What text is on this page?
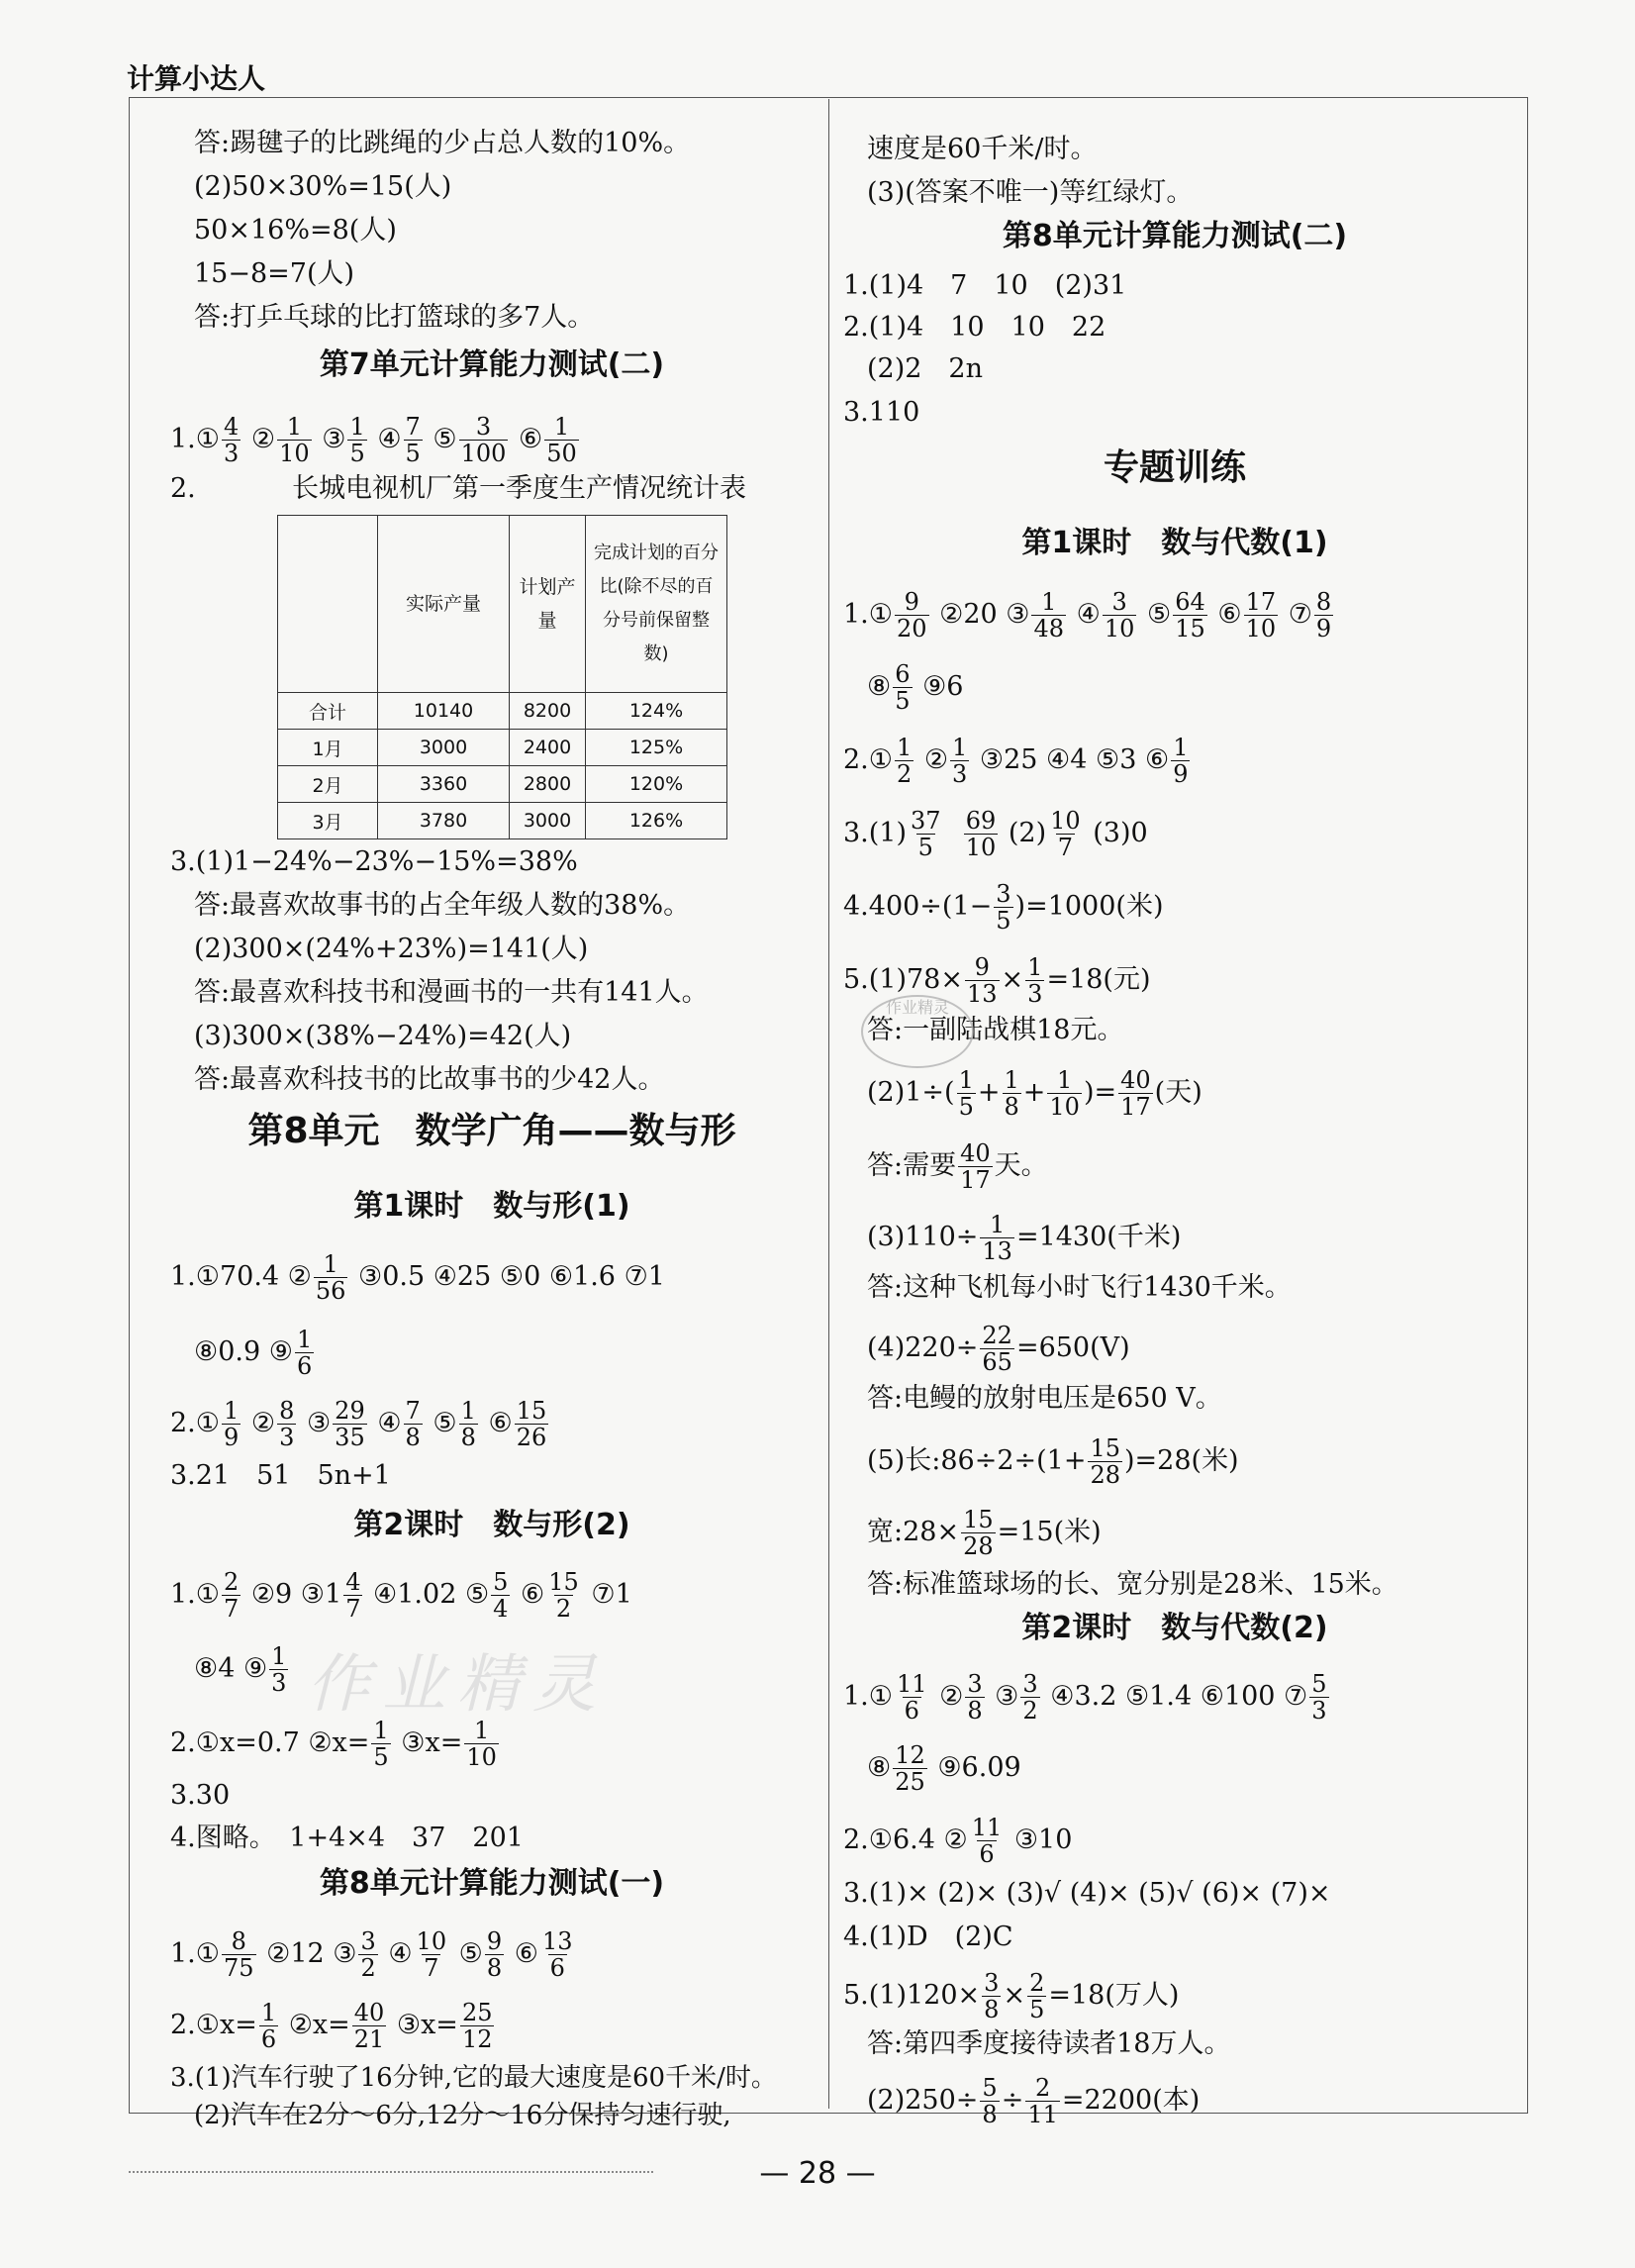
计算小达人
答:踢毽子的比跳绳的少占总人数的10%。
(2)50×30%=15(人)
50×16%=8(人)
15−8=7(人)
答:打乒乓球的比打篮球的多7人。
第7单元计算能力测试(二)
1.① $\frac{4}{3}$ ② $\frac{1}{10}$ ③ $\frac{1}{5}$ ④ $\frac{7}{5}$ ⑤ $\frac{3}{100}$ ⑥ $\frac{1}{50}$
2.	长城电视机厂第一季度生产情况统计表
	实际产量	计划产量	完成计划的百分比(除不尽的百分号前保留整数)
合计	10140	8200	124%
1月	3000	2400	125%
2月	3360	2800	120%
3月	3780	3000	126%
3.(1)1−24%−23%−15%=38%
答:最喜欢故事书的占全年级人数的38%。
(2)300×(24%+23%)=141(人)
答:最喜欢科技书和漫画书的一共有141人。
(3)300×(38%−24%)=42(人)
答:最喜欢科技书的比故事书的少42人。
第8单元　数学广角——数与形
第1课时　数与形(1)
1.①70.4 ② $\frac{1}{56}$ ③0.5 ④25 ⑤0 ⑥1.6 ⑦1
⑧0.9 ⑨ $\frac{1}{6}$
2.① $\frac{1}{9}$ ② $\frac{8}{3}$ ③ $\frac{29}{35}$ ④ $\frac{7}{8}$ ⑤ $\frac{1}{8}$ ⑥ $\frac{15}{26}$
3.21　51　5n+1
第2课时　数与形(2)
1.① $\frac{2}{7}$ ②9 ③1 $\frac{4}{7}$ ④1.02 ⑤ $\frac{5}{4}$ ⑥ $\frac{15}{2}$ ⑦1
⑧4 ⑨ $\frac{1}{3}$
2.①x=0.7 ②x= $\frac{1}{5}$ ③x= $\frac{1}{10}$
3.30
4.图略。　1+4×4　37　201
第8单元计算能力测试(一)
1.① $\frac{8}{75}$ ②12 ③ $\frac{3}{2}$ ④ $\frac{10}{7}$ ⑤ $\frac{9}{8}$ ⑥ $\frac{13}{6}$
2.①x= $\frac{1}{6}$ ②x= $\frac{40}{21}$ ③x= $\frac{25}{12}$
3.(1)汽车行驶了16分钟,它的最大速度是60千米/时。
(2)汽车在2分～6分,12分～16分保持匀速行驶,
速度是60千米/时。
(3)(答案不唯一)等红绿灯。
第8单元计算能力测试(二)
1.(1)4　7　10　(2)31
2.(1)4　10　10　22
(2)2　2n
3.110
专题训练
第1课时　数与代数(1)
1.① $\frac{9}{20}$ ②20 ③ $\frac{1}{48}$ ④ $\frac{3}{10}$ ⑤ $\frac{64}{15}$ ⑥ $\frac{17}{10}$ ⑦ $\frac{8}{9}$
⑧ $\frac{6}{5}$ ⑨6
2.① $\frac{1}{2}$ ② $\frac{1}{3}$ ③25 ④4 ⑤3 ⑥ $\frac{1}{9}$
$3.(1) \frac{37}{5}$
$\frac{69}{10} (2) \frac{10}{7} (3)0$
$4.400\div(1- \frac{3}{5} )=1000$(米)
$5.(1)78\times \frac{9}{13} \times \frac{1}{3} =18$(元)
答:一副陆战棋18元。
$(2)1\div( \frac{1}{5} + \frac{1}{8} + \frac{1}{10}$ )= $\frac{40}{17}$ (天)
答:需要 $\frac{40}{17}$ 天。
$(3)110\div \frac{1}{13} =1430$(千米)
答:这种飞机每小时飞行1430千米。
$(4)220\div \frac{22}{65} =650(V)$
答:电鳗的放射电压是650 V。
(5)长:86÷2÷(1+ $\frac{15}{28} )=28$(米)
宽:28× $\frac{15}{28} =15$(米)
答:标准篮球场的长、宽分别是28米、15米。
第2课时　数与代数(2)
1.① $\frac{11}{6}$ ② $\frac{3}{8}$ ③ $\frac{3}{2}$ ④3.2 ⑤1.4 ⑥100 ⑦ $\frac{5}{3}$
⑧ $\frac{12}{25}$ ⑨6.09
2.①6.4 ② $\frac{11}{6}$ ③10
3.(1)× (2)× (3)√ (4)× (5)√ (6)× (7)×
4.(1)D　(2)C
$5.(1)120\times \frac{3}{8} \times \frac{2}{5} =18$(万人)
答:第四季度接待读者18万人。
$(2)250\div \frac{5}{8} \div \frac{2}{11} =2200$(本)
作业精灵
作业精灵
— 28 —
